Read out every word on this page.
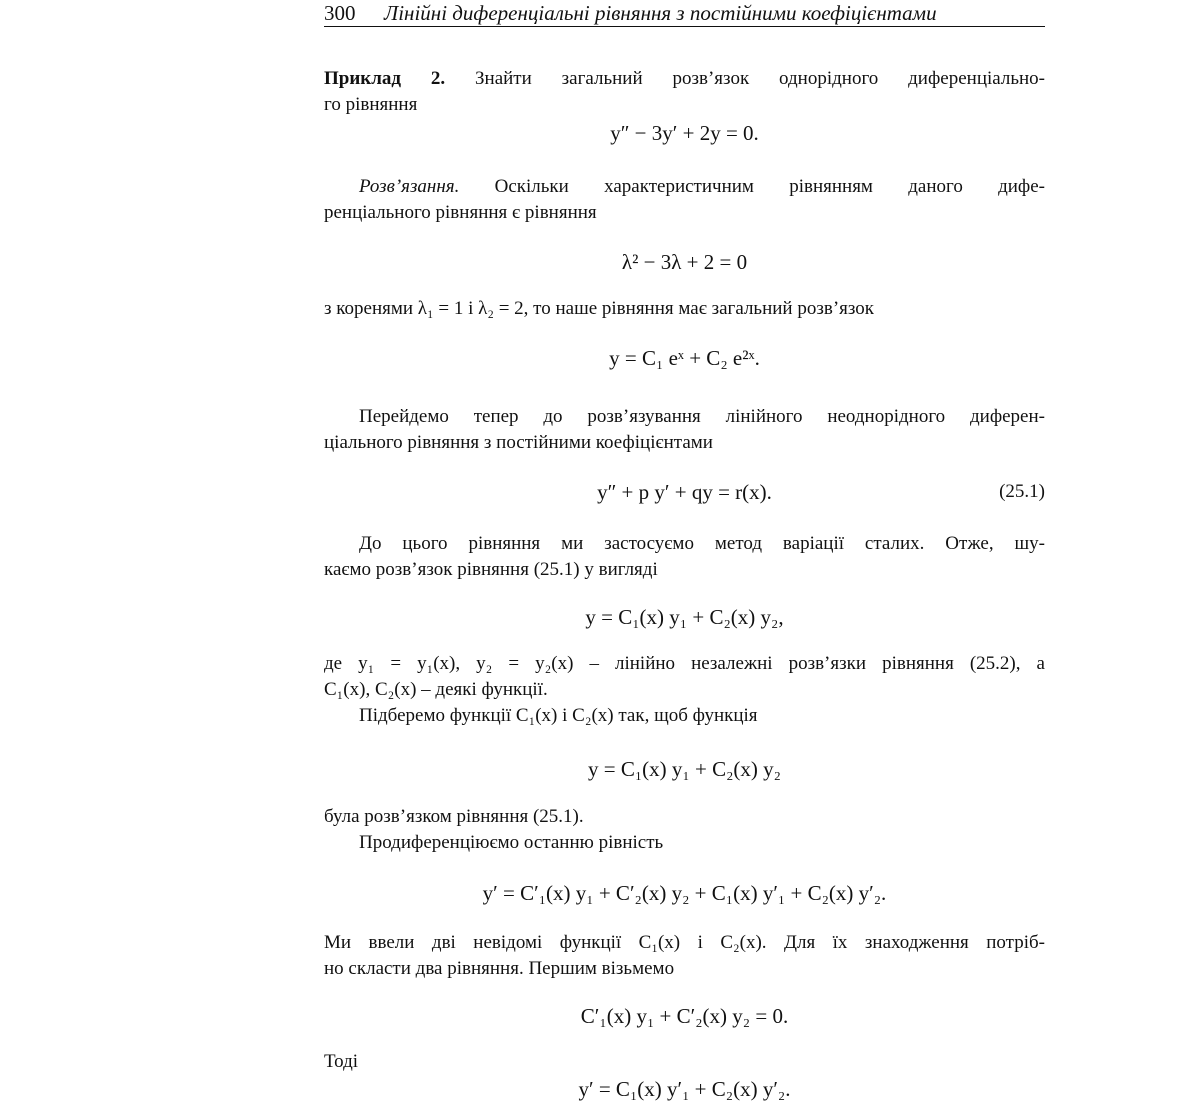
300 Лінійні диференціальні рівняння з постійними коефіцієнтами
Приклад 2. Знайти загальний розв’язок однорідного диференціально-
го рівняння
y″ − 3y′ + 2y = 0.
Розв’язання. Оскільки характеристичним рівнянням даного дифе-
ренціального рівняння є рівняння
λ² − 3λ + 2 = 0
з коренями λ₁ = 1 і λ₂ = 2, то наше рівняння має загальний розв’язок
y = C₁ eˣ + C₂ e²ˣ.
Перейдемо тепер до розв’язування лінійного неоднорідного диферен-
ціального рівняння з постійними коефіцієнтами
y″ + p y′ + qy = r(x).	(25.1)
До цього рівняння ми застосуємо метод варіації сталих. Отже, шу-
каємо розв’язок рівняння (25.1) у вигляді
y = C₁(x) y₁ + C₂(x) y₂,
де y₁ = y₁(x), y₂ = y₂(x) – лінійно незалежні розв’язки рівняння (25.2), а
C₁(x), C₂(x) – деякі функції.
Підберемо функції C₁(x) і C₂(x) так, щоб функція
y = C₁(x) y₁ + C₂(x) y₂
була розв’язком рівняння (25.1).
Продиференціюємо останню рівність
y′ = C′₁(x) y₁ + C′₂(x) y₂ + C₁(x) y′₁ + C₂(x) y′₂.
Ми ввели дві невідомі функції C₁(x) і C₂(x). Для їх знаходження потріб-
но скласти два рівняння. Першим візьмемо
C′₁(x) y₁ + C′₂(x) y₂ = 0.
Тоді
y′ = C₁(x) y′₁ + C₂(x) y′₂.
